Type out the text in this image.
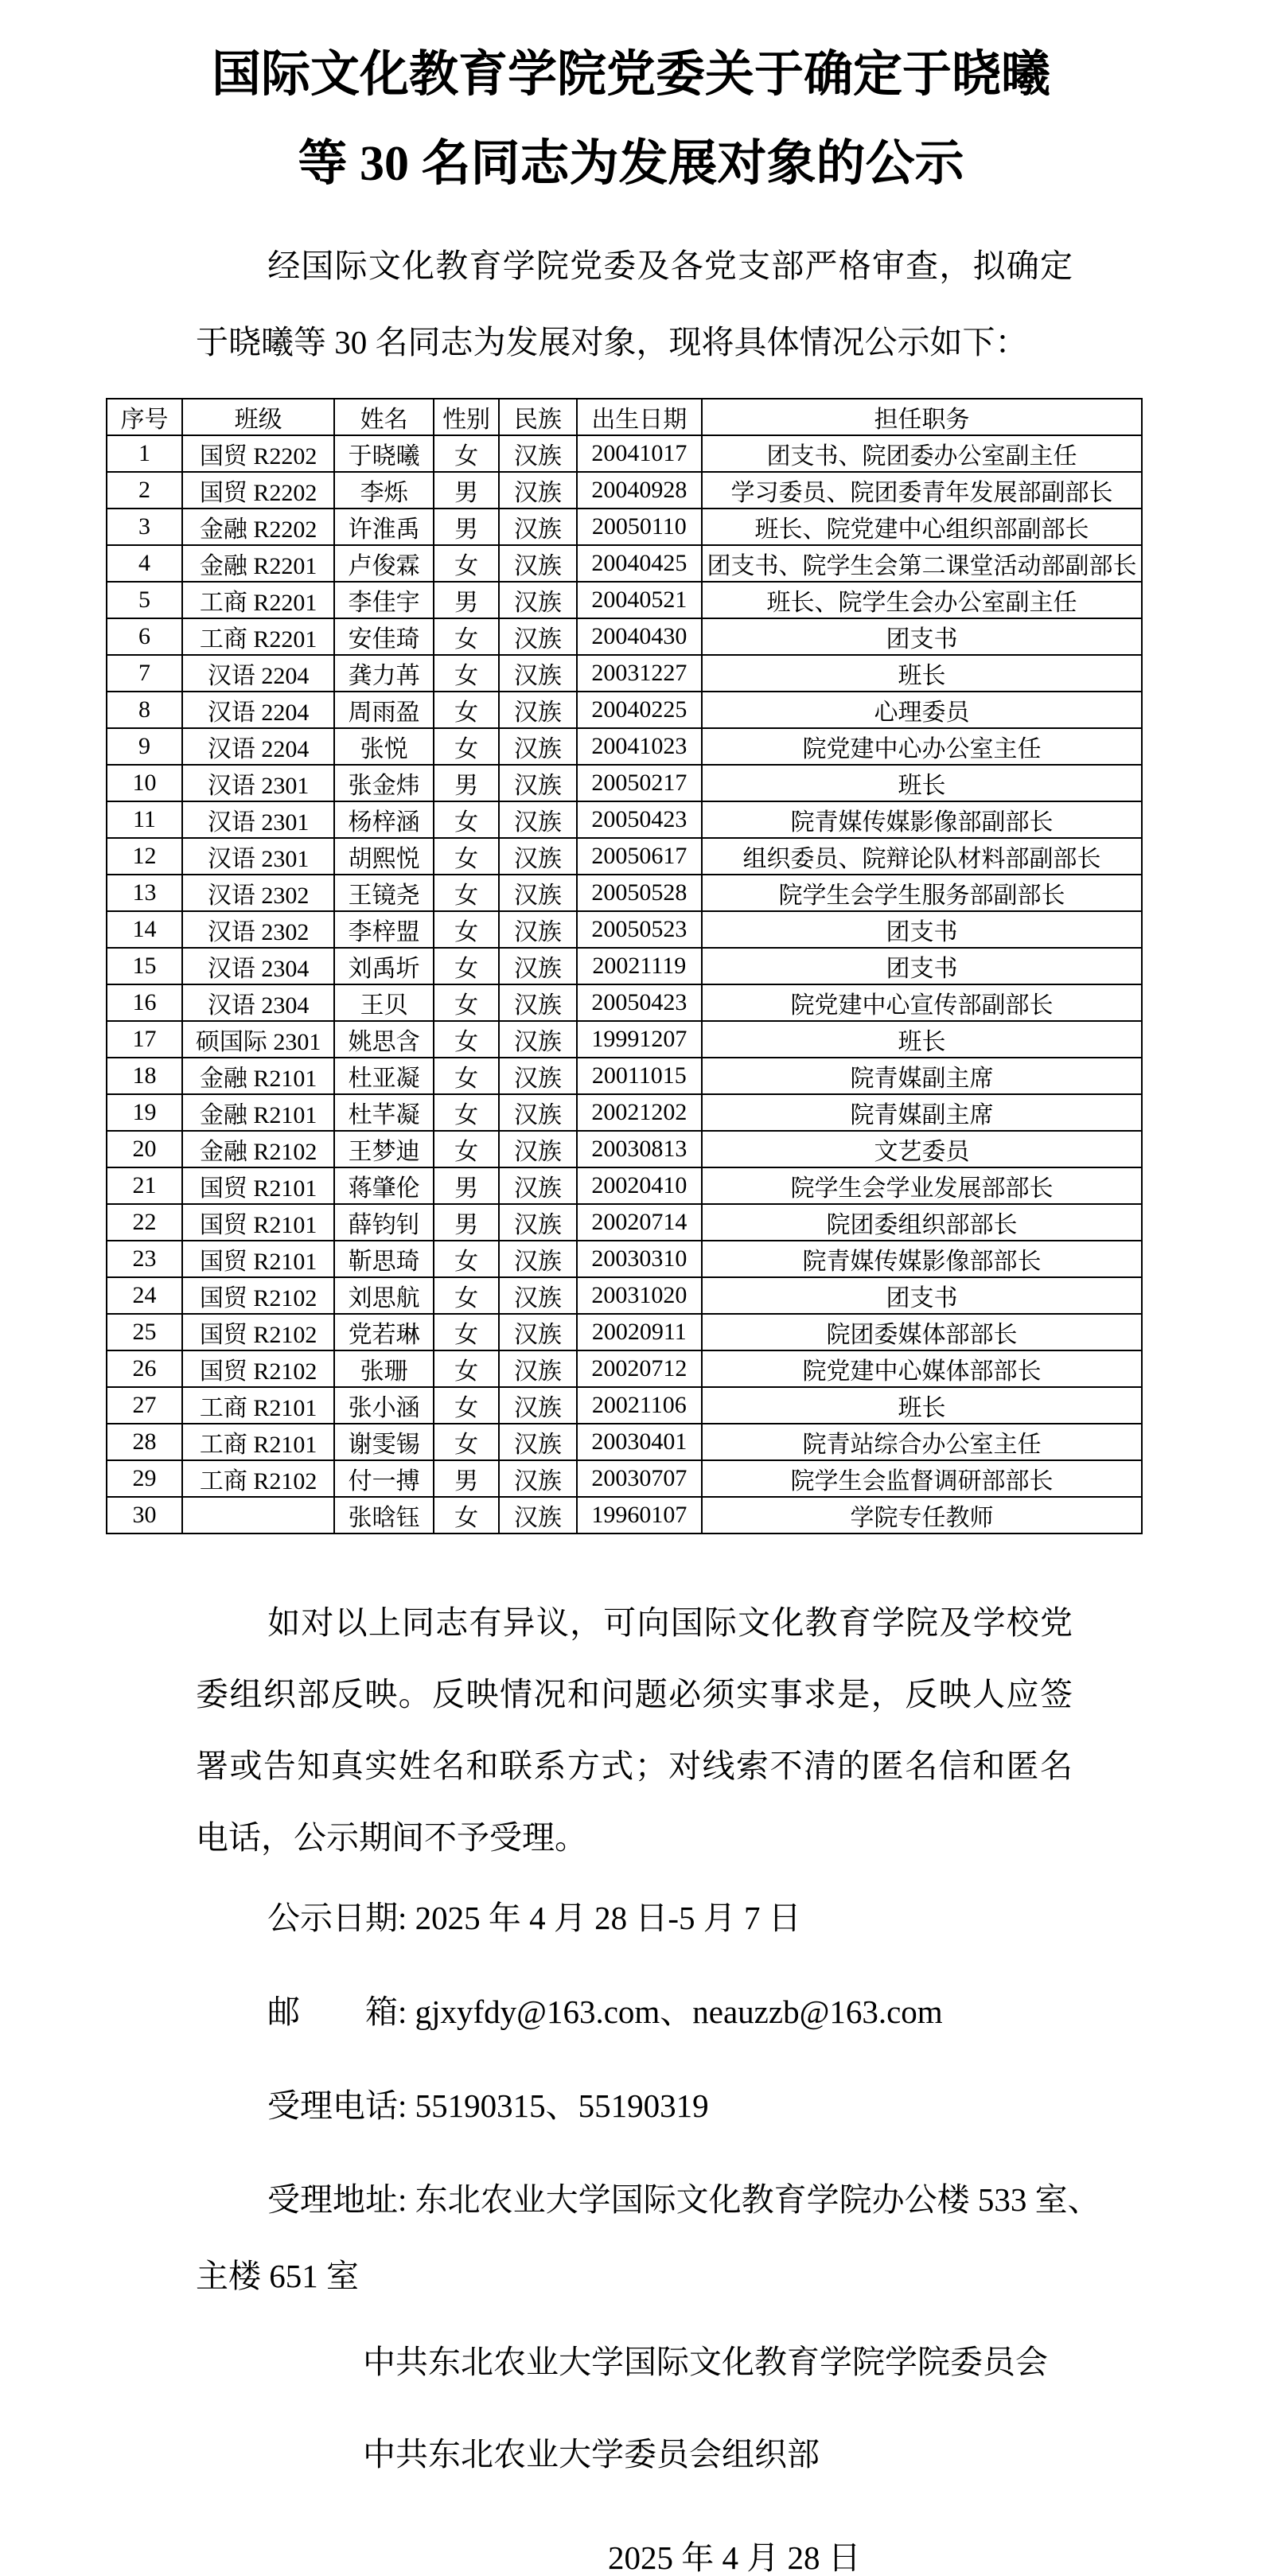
国际文化教育学院党委关于确定于晓曦
等 30 名同志为发展对象的公示

经国际文化教育学院党委及各党支部严格审查，拟确定于晓曦等 30 名同志为发展对象，现将具体情况公示如下：

序号	班级	姓名	性别	民族	出生日期	担任职务
1	国贸 R2202	于晓曦	女	汉族	20041017	团支书、院团委办公室副主任
2	国贸 R2202	李烁	男	汉族	20040928	学习委员、院团委青年发展部副部长
3	金融 R2202	许淮禹	男	汉族	20050110	班长、院党建中心组织部副部长
4	金融 R2201	卢俊霖	女	汉族	20040425	团支书、院学生会第二课堂活动部副部长
5	工商 R2201	李佳宇	男	汉族	20040521	班长、院学生会办公室副主任
6	工商 R2201	安佳琦	女	汉族	20040430	团支书
7	汉语 2204	龚力苒	女	汉族	20031227	班长
8	汉语 2204	周雨盈	女	汉族	20040225	心理委员
9	汉语 2204	张悦	女	汉族	20041023	院党建中心办公室主任
10	汉语 2301	张金炜	男	汉族	20050217	班长
11	汉语 2301	杨梓涵	女	汉族	20050423	院青媒传媒影像部副部长
12	汉语 2301	胡熙悦	女	汉族	20050617	组织委员、院辩论队材料部副部长
13	汉语 2302	王镜尧	女	汉族	20050528	院学生会学生服务部副部长
14	汉语 2302	李梓盟	女	汉族	20050523	团支书
15	汉语 2304	刘禹圻	女	汉族	20021119	团支书
16	汉语 2304	王贝	女	汉族	20050423	院党建中心宣传部副部长
17	硕国际 2301	姚思含	女	汉族	19991207	班长
18	金融 R2101	杜亚凝	女	汉族	20011015	院青媒副主席
19	金融 R2101	杜芊凝	女	汉族	20021202	院青媒副主席
20	金融 R2102	王梦迪	女	汉族	20030813	文艺委员
21	国贸 R2101	蒋肇伦	男	汉族	20020410	院学生会学业发展部部长
22	国贸 R2101	薛钧钊	男	汉族	20020714	院团委组织部部长
23	国贸 R2101	靳思琦	女	汉族	20030310	院青媒传媒影像部部长
24	国贸 R2102	刘思航	女	汉族	20031020	团支书
25	国贸 R2102	党若琳	女	汉族	20020911	院团委媒体部部长
26	国贸 R2102	张珊	女	汉族	20020712	院党建中心媒体部部长
27	工商 R2101	张小涵	女	汉族	20021106	班长
28	工商 R2101	谢雯锡	女	汉族	20030401	院青站综合办公室主任
29	工商 R2102	付一搏	男	汉族	20030707	院学生会监督调研部部长
30		张晗钰	女	汉族	19960107	学院专任教师

如对以上同志有异议，可向国际文化教育学院及学校党委组织部反映。反映情况和问题必须实事求是，反映人应签署或告知真实姓名和联系方式；对线索不清的匿名信和匿名电话，公示期间不予受理。

公示日期: 2025 年 4 月 28 日-5 月 7 日

邮　　箱: gjxyfdy@163.com、neauzzb@163.com

受理电话: 55190315、55190319

受理地址: 东北农业大学国际文化教育学院办公楼 533 室、
主楼 651 室

中共东北农业大学国际文化教育学院学院委员会

中共东北农业大学委员会组织部

2025 年 4 月 28 日
